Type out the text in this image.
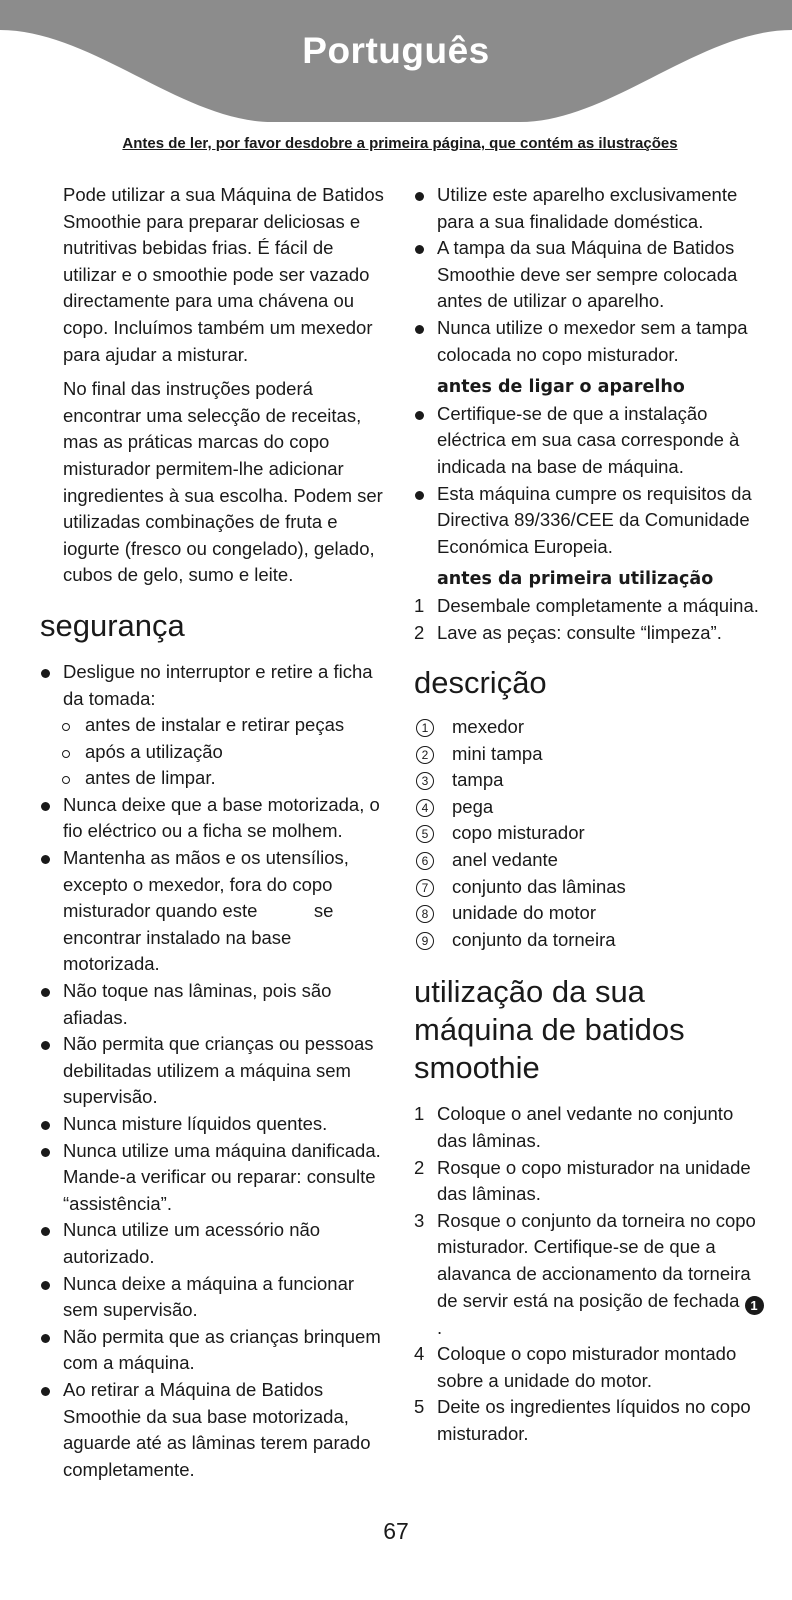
Português
Antes de ler, por favor desdobre a primeira página, que contém as ilustrações

Pode utilizar a sua Máquina de Batidos Smoothie para preparar deliciosas e nutritivas bebidas frias. É fácil de utilizar e o smoothie pode ser vazado directamente para uma chávena ou copo. Incluímos também um mexedor para ajudar a misturar.

No final das instruções poderá encontrar uma selecção de receitas, mas as práticas marcas do copo misturador permitem-lhe adicionar ingredientes à sua escolha. Podem ser utilizadas combinações de fruta e iogurte (fresco ou congelado), gelado, cubos de gelo, sumo e leite.

segurança
Desligue no interruptor e retire a ficha da tomada:
antes de instalar e retirar peças
após a utilização
antes de limpar.
Nunca deixe que a base motorizada, o fio eléctrico ou a ficha se molhem.
Mantenha as mãos e os utensílios, excepto o mexedor, fora do copo misturador quando este           se encontrar instalado na base motorizada.
Não toque nas lâminas, pois são afiadas.
Não permita que crianças ou pessoas debilitadas utilizem a máquina sem supervisão.
Nunca misture líquidos quentes.
Nunca utilize uma máquina danificada. Mande-a verificar ou reparar: consulte “assistência”.
Nunca utilize um acessório não autorizado.
Nunca deixe a máquina a funcionar sem supervisão.
Não permita que as crianças brinquem com a máquina.
Ao retirar a Máquina de Batidos Smoothie da sua base motorizada, aguarde até as lâminas terem parado completamente.
Utilize este aparelho exclusivamente para a sua finalidade doméstica.
A tampa da sua Máquina de Batidos Smoothie deve ser sempre colocada antes de utilizar o aparelho.
Nunca utilize o mexedor sem a tampa colocada no copo misturador.
antes de ligar o aparelho
Certifique-se de que a instalação eléctrica em sua casa corresponde à indicada na base de máquina.
Esta máquina cumpre os requisitos da Directiva 89/336/CEE da Comunidade Económica Europeia.
antes da primeira utilização
1 Desembale completamente a máquina.
2 Lave as peças: consulte “limpeza”.
descrição
1	mexedor
2	mini tampa
3	tampa
4	pega
5	copo misturador
6	anel vedante
7	conjunto das lâminas
8	unidade do motor
9	conjunto da torneira
utilização da sua máquina de batidos smoothie
1 Coloque o anel vedante no conjunto das lâminas.
2 Rosque o copo misturador na unidade das lâminas.
3 Rosque o conjunto da torneira no copo misturador. Certifique-se de que a alavanca de accionamento da torneira de servir está na posição de fechada 1.
4 Coloque o copo misturador montado sobre a unidade do motor.
5 Deite os ingredientes líquidos no copo misturador.
67
